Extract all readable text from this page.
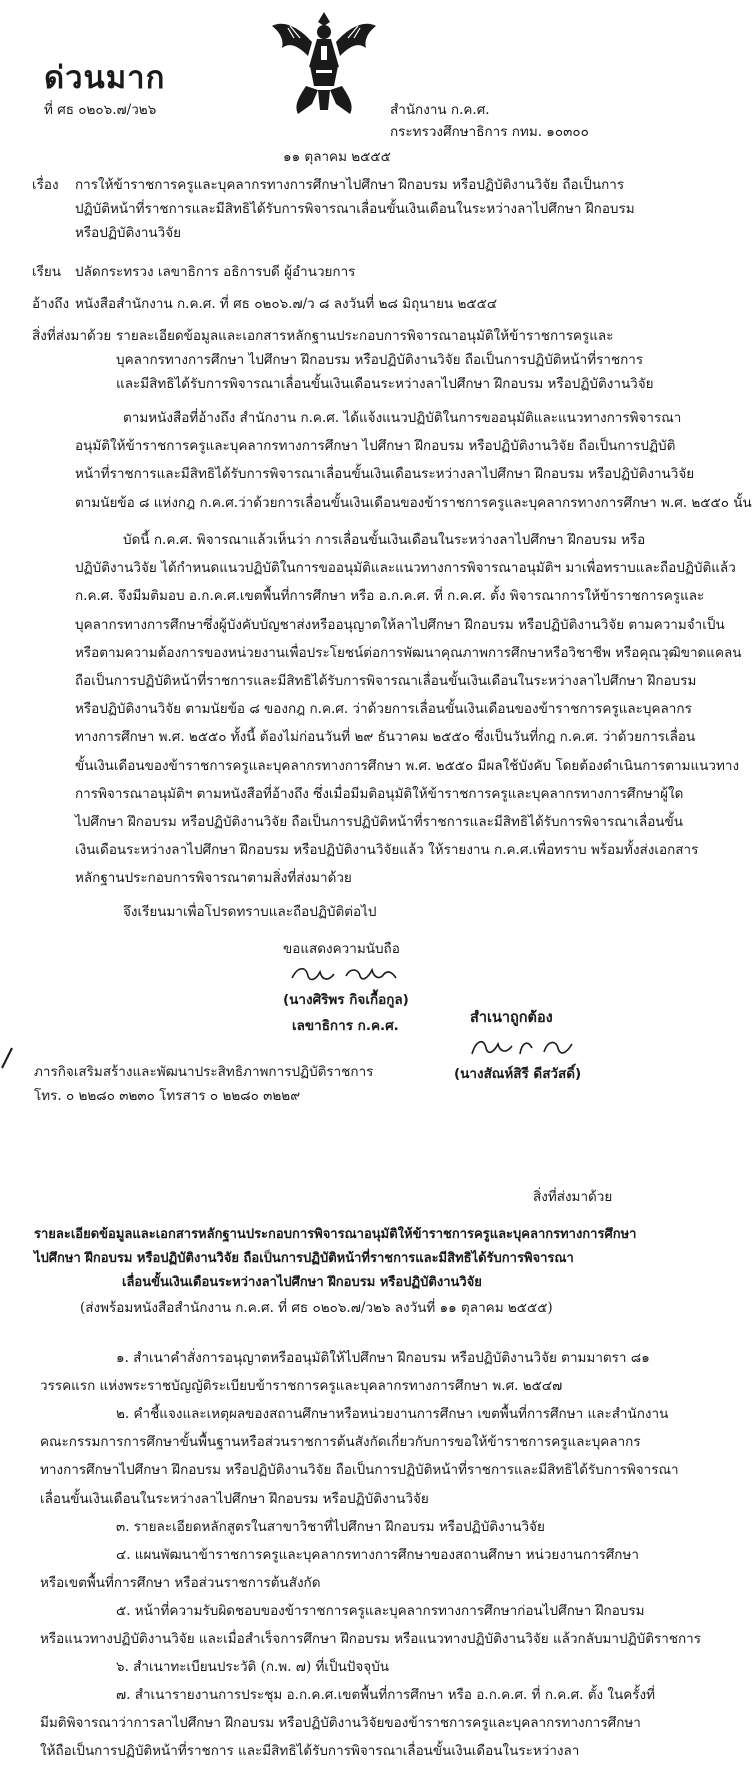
ด่วนมาก
ที่ ศธ ๐๒๐๖.๗/ว๒๖	สำนักงาน ก.ค.ศ.
กระทรวงศึกษาธิการ กทม. ๑๐๓๐๐
๑๑ ตุลาคม ๒๕๕๕
เรื่อง การให้ข้าราชการครูและบุคลากรทางการศึกษาไปศึกษา ฝึกอบรม หรือปฏิบัติงานวิจัย ถือเป็นการ
ปฏิบัติหน้าที่ราชการและมีสิทธิได้รับการพิจารณาเลื่อนขั้นเงินเดือนในระหว่างลาไปศึกษา ฝึกอบรม
หรือปฏิบัติงานวิจัย
เรียน ปลัดกระทรวง เลขาธิการ อธิการบดี ผู้อำนวยการ
อ้างถึง หนังสือสำนักงาน ก.ค.ศ. ที่ ศธ ๐๒๐๖.๗/ว ๘ ลงวันที่ ๒๘ มิถุนายน ๒๕๕๔
สิ่งที่ส่งมาด้วย รายละเอียดข้อมูลและเอกสารหลักฐานประกอบการพิจารณาอนุมัติให้ข้าราชการครูและ
บุคลากรทางการศึกษา ไปศึกษา ฝึกอบรม หรือปฏิบัติงานวิจัย ถือเป็นการปฏิบัติหน้าที่ราชการ
และมีสิทธิได้รับการพิจารณาเลื่อนขั้นเงินเดือนระหว่างลาไปศึกษา ฝึกอบรม หรือปฏิบัติงานวิจัย
ตามหนังสือที่อ้างถึง สำนักงาน ก.ค.ศ. ได้แจ้งแนวปฏิบัติในการขออนุมัติและแนวทางการพิจารณา
อนุมัติให้ข้าราชการครูและบุคลากรทางการศึกษา ไปศึกษา ฝึกอบรม หรือปฏิบัติงานวิจัย ถือเป็นการปฏิบัติ
หน้าที่ราชการและมีสิทธิได้รับการพิจารณาเลื่อนขั้นเงินเดือนระหว่างลาไปศึกษา ฝึกอบรม หรือปฏิบัติงานวิจัย
ตามนัยข้อ ๘ แห่งกฎ ก.ค.ศ.ว่าด้วยการเลื่อนขั้นเงินเดือนของข้าราชการครูและบุคลากรทางการศึกษา พ.ศ. ๒๕๕๐ นั้น
บัดนี้ ก.ค.ศ. พิจารณาแล้วเห็นว่า การเลื่อนขั้นเงินเดือนในระหว่างลาไปศึกษา ฝึกอบรม หรือ
ปฏิบัติงานวิจัย ได้กำหนดแนวปฏิบัติในการขออนุมัติและแนวทางการพิจารณาอนุมัติฯ มาเพื่อทราบและถือปฏิบัติแล้ว
ก.ค.ศ. จึงมีมติมอบ อ.ก.ค.ศ.เขตพื้นที่การศึกษา หรือ อ.ก.ค.ศ. ที่ ก.ค.ศ. ตั้ง พิจารณาการให้ข้าราชการครูและ
บุคลากรทางการศึกษาซึ่งผู้บังคับบัญชาส่งหรืออนุญาตให้ลาไปศึกษา ฝึกอบรม หรือปฏิบัติงานวิจัย ตามความจำเป็น
หรือตามความต้องการของหน่วยงานเพื่อประโยชน์ต่อการพัฒนาคุณภาพการศึกษาหรือวิชาชีพ หรือคุณวุฒิขาดแคลน
ถือเป็นการปฏิบัติหน้าที่ราชการและมีสิทธิได้รับการพิจารณาเลื่อนขั้นเงินเดือนในระหว่างลาไปศึกษา ฝึกอบรม
หรือปฏิบัติงานวิจัย ตามนัยข้อ ๘ ของกฎ ก.ค.ศ. ว่าด้วยการเลื่อนขั้นเงินเดือนของข้าราชการครูและบุคลากร
ทางการศึกษา พ.ศ. ๒๕๕๐ ทั้งนี้ ต้องไม่ก่อนวันที่ ๒๙ ธันวาคม ๒๕๕๐ ซึ่งเป็นวันที่กฎ ก.ค.ศ. ว่าด้วยการเลื่อน
ขั้นเงินเดือนของข้าราชการครูและบุคลากรทางการศึกษา พ.ศ. ๒๕๕๐ มีผลใช้บังคับ โดยต้องดำเนินการตามแนวทาง
การพิจารณาอนุมัติฯ ตามหนังสือที่อ้างถึง ซึ่งเมื่อมีมติอนุมัติให้ข้าราชการครูและบุคลากรทางการศึกษาผู้ใด
ไปศึกษา ฝึกอบรม หรือปฏิบัติงานวิจัย ถือเป็นการปฏิบัติหน้าที่ราชการและมีสิทธิได้รับการพิจารณาเลื่อนขั้น
เงินเดือนระหว่างลาไปศึกษา ฝึกอบรม หรือปฏิบัติงานวิจัยแล้ว ให้รายงาน ก.ค.ศ.เพื่อทราบ พร้อมทั้งส่งเอกสาร
หลักฐานประกอบการพิจารณาตามสิ่งที่ส่งมาด้วย
จึงเรียนมาเพื่อโปรดทราบและถือปฏิบัติต่อไป
ขอแสดงความนับถือ
(นางศิริพร กิจเกื้อกูล)
เลขาธิการ ก.ค.ศ.	สำเนาถูกต้อง
(นางสัณห์สิรี ดีสวัสดิ์)
ภารกิจเสริมสร้างและพัฒนาประสิทธิภาพการปฏิบัติราชการ
โทร. ๐ ๒๒๘๐ ๓๒๓๐ โทรสาร ๐ ๒๒๘๐ ๓๒๒๙
สิ่งที่ส่งมาด้วย
รายละเอียดข้อมูลและเอกสารหลักฐานประกอบการพิจารณาอนุมัติให้ข้าราชการครูและบุคลากรทางการศึกษา
ไปศึกษา ฝึกอบรม หรือปฏิบัติงานวิจัย ถือเป็นการปฏิบัติหน้าที่ราชการและมีสิทธิได้รับการพิจารณา
เลื่อนขั้นเงินเดือนระหว่างลาไปศึกษา ฝึกอบรม หรือปฏิบัติงานวิจัย
(ส่งพร้อมหนังสือสำนักงาน ก.ค.ศ. ที่ ศธ ๐๒๐๖.๗/ว๒๖ ลงวันที่ ๑๑ ตุลาคม ๒๕๕๕)
๑. สำเนาคำสั่งการอนุญาตหรืออนุมัติให้ไปศึกษา ฝึกอบรม หรือปฏิบัติงานวิจัย ตามมาตรา ๘๑
วรรคแรก แห่งพระราชบัญญัติระเบียบข้าราชการครูและบุคลากรทางการศึกษา พ.ศ. ๒๕๔๗
๒. คำชี้แจงและเหตุผลของสถานศึกษาหรือหน่วยงานการศึกษา เขตพื้นที่การศึกษา และสำนักงาน
คณะกรรมการการศึกษาขั้นพื้นฐานหรือส่วนราชการต้นสังกัดเกี่ยวกับการขอให้ข้าราชการครูและบุคลากร
ทางการศึกษาไปศึกษา ฝึกอบรม หรือปฏิบัติงานวิจัย ถือเป็นการปฏิบัติหน้าที่ราชการและมีสิทธิได้รับการพิจารณา
เลื่อนขั้นเงินเดือนในระหว่างลาไปศึกษา ฝึกอบรม หรือปฏิบัติงานวิจัย
๓. รายละเอียดหลักสูตรในสาขาวิชาที่ไปศึกษา ฝึกอบรม หรือปฏิบัติงานวิจัย
๔. แผนพัฒนาข้าราชการครูและบุคลากรทางการศึกษาของสถานศึกษา หน่วยงานการศึกษา
หรือเขตพื้นที่การศึกษา หรือส่วนราชการต้นสังกัด
๕. หน้าที่ความรับผิดชอบของข้าราชการครูและบุคลากรทางการศึกษาก่อนไปศึกษา ฝึกอบรม
หรือแนวทางปฏิบัติงานวิจัย และเมื่อสำเร็จการศึกษา ฝึกอบรม หรือแนวทางปฏิบัติงานวิจัย แล้วกลับมาปฏิบัติราชการ
๖. สำเนาทะเบียนประวัติ (ก.พ. ๗) ที่เป็นปัจจุบัน
๗. สำเนารายงานการประชุม อ.ก.ค.ศ.เขตพื้นที่การศึกษา หรือ อ.ก.ค.ศ. ที่ ก.ค.ศ. ตั้ง ในครั้งที่
มีมติพิจารณาว่าการลาไปศึกษา ฝึกอบรม หรือปฏิบัติงานวิจัยของข้าราชการครูและบุคลากรทางการศึกษา
ให้ถือเป็นการปฏิบัติหน้าที่ราชการ และมีสิทธิได้รับการพิจารณาเลื่อนขั้นเงินเดือนในระหว่างลา
